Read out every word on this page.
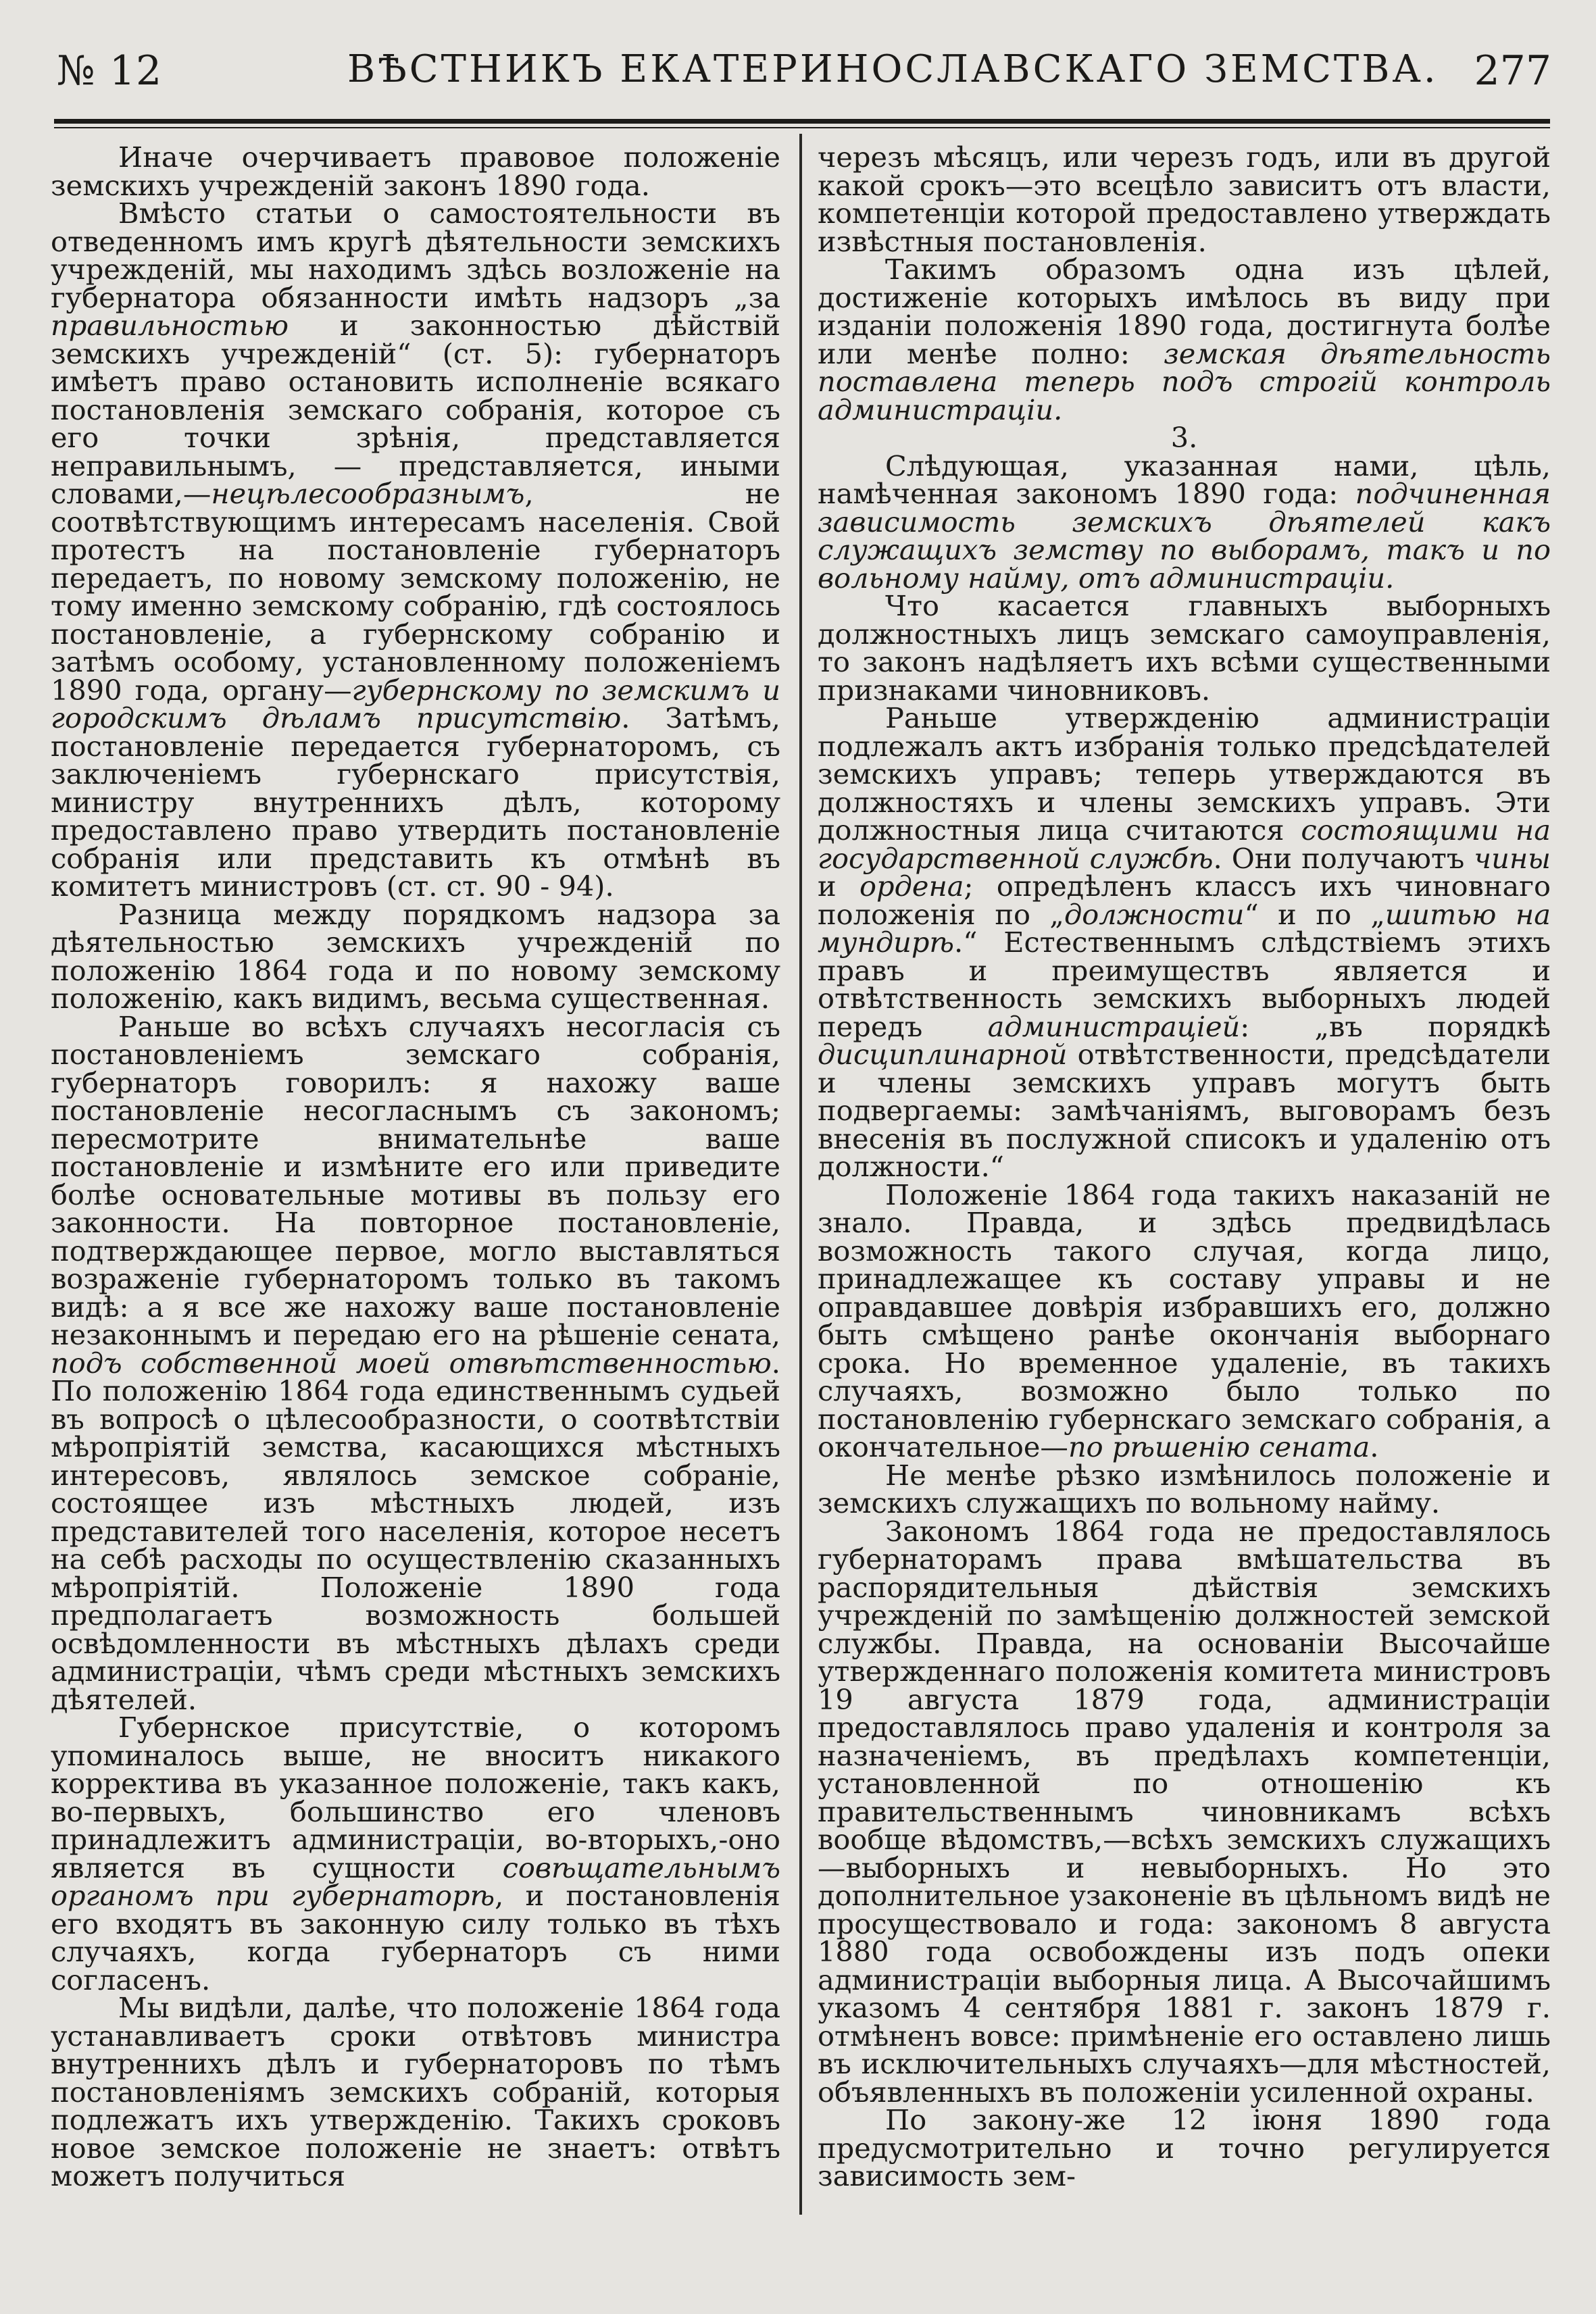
№ 12	ВѢСТНИКЪ ЕКАТЕРИНОСЛАВСКАГО ЗЕМСТВА. 277

Иначе очерчиваетъ правовое положенiе земскихъ учрежденiй законъ 1890 года.

Вмѣсто статьи о самостоятельности въ отведенномъ имъ кругѣ дѣятельности земскихъ учрежденiй, мы находимъ здѣсь возложенiе на губернатора обязанности имѣть надзоръ „за правильностью и законностью дѣйствiй земскихъ учрежденiй“ (ст. 5): губернаторъ имѣетъ право остановить исполненiе всякаго постановленiя земскаго собранiя, которое съ его точки зрѣнiя, представляется неправильнымъ, — представляется, иными словами,—нецѣлесообразнымъ, не соотвѣтствующимъ интересамъ населенiя. Свой протестъ на постановленiе губернаторъ передаетъ, по новому земскому положенiю, не тому именно земскому собранiю, гдѣ состоялось постановленiе, а губернскому собранiю и затѣмъ особому, установленному положенiемъ 1890 года, органу—губернскому по земскимъ и городскимъ дѣламъ присутствiю. Затѣмъ, постановленiе передается губернаторомъ, съ заключенiемъ губернскаго присутствiя, министру внутреннихъ дѣлъ, которому предоставлено право утвердить постановленiе собранiя или представить къ отмѣнѣ въ комитетъ министровъ (ст. ст. 90 - 94).

Разница между порядкомъ надзора за дѣятельностью земскихъ учрежденiй по положенiю 1864 года и по новому земскому положенiю, какъ видимъ, весьма существенная.

Раньше во всѣхъ случаяхъ несогласiя съ постановленiемъ земскаго собранiя, губернаторъ говорилъ: я нахожу ваше постановленiе несогласнымъ съ закономъ; пересмотрите внимательнѣе ваше постановленiе и измѣните его или приведите болѣе основательные мотивы въ пользу его законности. На повторное постановленiе, подтверждающее первое, могло выставляться возраженiе губернаторомъ только въ такомъ видѣ: а я все же нахожу ваше постановленiе незаконнымъ и передаю его на рѣшенiе сената, подъ собственной моей отвѣтственностью. По положенiю 1864 года единственнымъ судьей въ вопросѣ о цѣлесообразности, о соотвѣтствiи мѣропрiятiй земства, касающихся мѣстныхъ интересовъ, являлось земское собранiе, состоящее изъ мѣстныхъ людей, изъ представителей того населенiя, которое несетъ на себѣ расходы по осуществленiю сказанныхъ мѣропрiятiй. Положенiе 1890 года предполагаетъ возможность большей освѣдомленности въ мѣстныхъ дѣлахъ среди администрацiи, чѣмъ среди мѣстныхъ земскихъ дѣятелей.

Губернское присутствiе, о которомъ упоминалось выше, не вноситъ никакого корректива въ указанное положенiе, такъ какъ, во-первыхъ, большинство его членовъ принадлежитъ администрацiи, во-вторыхъ,-оно является въ сущности совѣщательнымъ органомъ при губернаторѣ, и постановленiя его входятъ въ законную силу только въ тѣхъ случаяхъ, когда губернаторъ съ ними согласенъ.

Мы видѣли, далѣе, что положенiе 1864 года устанавливаетъ сроки отвѣтовъ министра внутреннихъ дѣлъ и губернаторовъ по тѣмъ постановленiямъ земскихъ собранiй, которыя подлежатъ ихъ утвержденiю. Такихъ сроковъ новое земское положенiе не знаетъ: отвѣтъ можетъ получиться

черезъ мѣсяцъ, или черезъ годъ, или въ другой какой срокъ—это всецѣло зависитъ отъ власти, компетенцiи которой предоставлено утверждать извѣстныя постановленiя.

Такимъ образомъ одна изъ цѣлей, достиженiе которыхъ имѣлось въ виду при изданiи положенiя 1890 года, достигнута болѣе или менѣе полно: земская дѣятельность поставлена теперь подъ строгiй контроль администрацiи.

3.

Слѣдующая, указанная нами, цѣль, намѣченная закономъ 1890 года: подчиненная зависимость земскихъ дѣятелей какъ служащихъ земству по выборамъ, такъ и по вольному найму, отъ администрацiи.

Что касается главныхъ выборныхъ должностныхъ лицъ земскаго самоуправленiя, то законъ надѣляетъ ихъ всѣми существенными признаками чиновниковъ.

Раньше утвержденiю администрацiи подлежалъ актъ избранiя только предсѣдателей земскихъ управъ; теперь утверждаются въ должностяхъ и члены земскихъ управъ. Эти должностныя лица считаются состоящими на государственной службѣ. Они получаютъ чины и ордена; опредѣленъ классъ ихъ чиновнаго положенiя по „должности“ и по „шитью на мундирѣ.“ Естественнымъ слѣдствiемъ этихъ правъ и преимуществъ является и отвѣтственность земскихъ выборныхъ людей передъ администрацiей: „въ порядкѣ дисциплинарной отвѣтственности, предсѣдатели и члены земскихъ управъ могутъ быть подвергаемы: замѣчанiямъ, выговорамъ безъ внесенiя въ послужной списокъ и удаленiю отъ должности.“

Положенiе 1864 года такихъ наказанiй не знало. Правда, и здѣсь предвидѣлась возможность такого случая, когда лицо, принадлежащее къ составу управы и не оправдавшее довѣрiя избравшихъ его, должно быть смѣщено ранѣе окончанiя выборнаго срока. Но временное удаленiе, въ такихъ случаяхъ, возможно было только по постановленiю губернскаго земскаго собранiя, а окончательное—по рѣшенiю сената.

Не менѣе рѣзко измѣнилось положенiе и земскихъ служащихъ по вольному найму.

Закономъ 1864 года не предоставлялось губернаторамъ права вмѣшательства въ распорядительныя дѣйствiя земскихъ учрежденiй по замѣщенiю должностей земской службы. Правда, на основанiи Высочайше утвержденнаго положенiя комитета министровъ 19 августа 1879 года, администрацiи предоставлялось право удаленiя и контроля за назначенiемъ, въ предѣлахъ компетенцiи, установленной по отношенiю къ правительственнымъ чиновникамъ всѣхъ вообще вѣдомствъ,—всѣхъ земскихъ служащихъ—выборныхъ и невыборныхъ. Но это дополнительное узаконенiе въ цѣльномъ видѣ не просуществовало и года: закономъ 8 августа 1880 года освобождены изъ подъ опеки администрацiи выборныя лица. А Высочайшимъ указомъ 4 сентября 1881 г. законъ 1879 г. отмѣненъ вовсе: примѣненiе его оставлено лишь въ исключительныхъ случаяхъ—для мѣстностей, объявленныхъ въ положенiи усиленной охраны.

По закону-же 12 iюня 1890 года предусмотрительно и точно регулируется зависимость зем-
